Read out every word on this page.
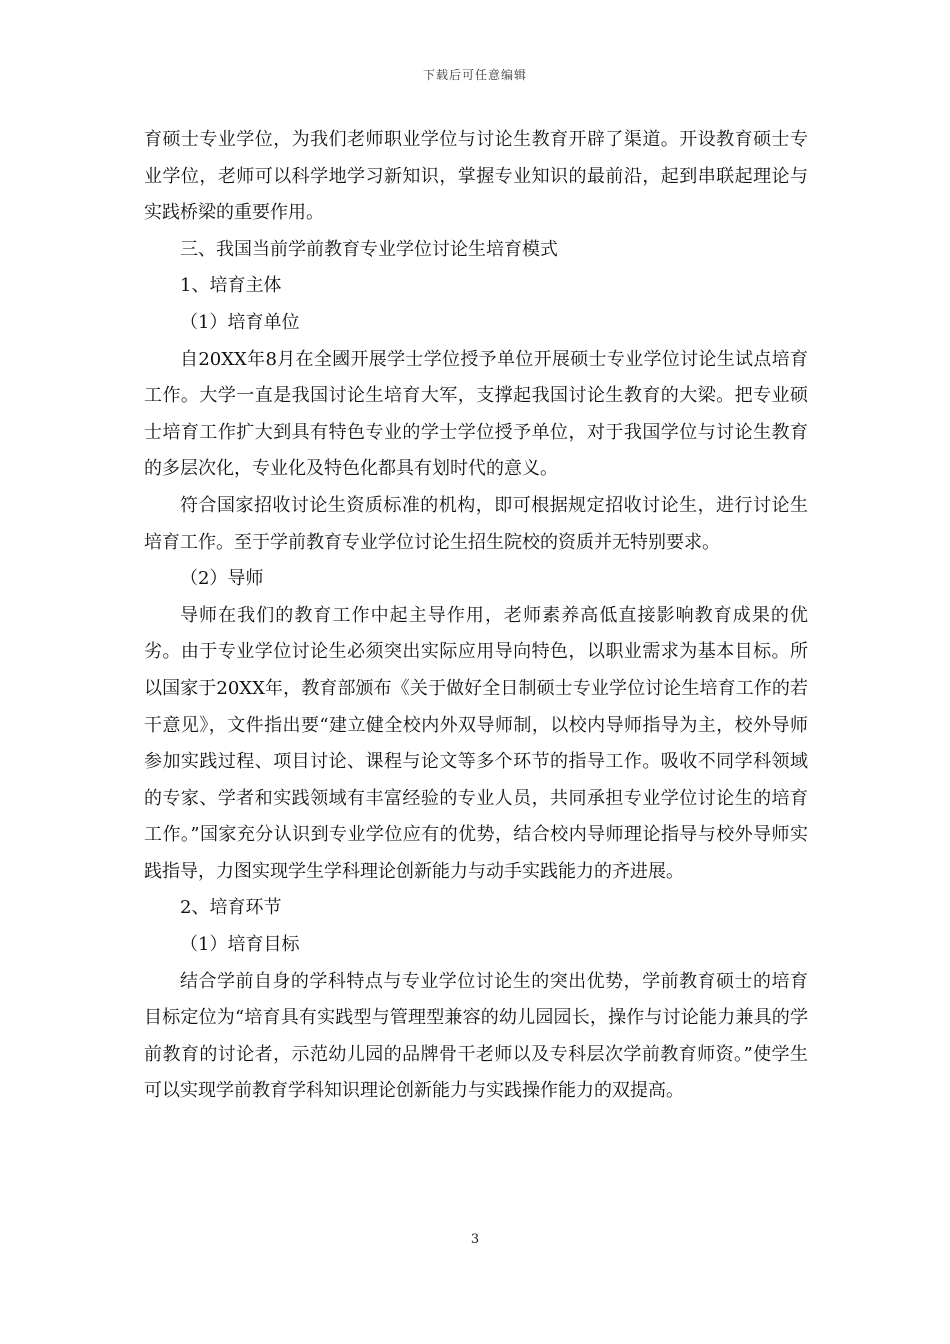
下载后可任意编辑

育硕士专业学位，为我们老师职业学位与讨论生教育开辟了渠道。开设教育硕士专业学位，老师可以科学地学习新知识，掌握专业知识的最前沿，起到串联起理论与实践桥梁的重要作用。

三、我国当前学前教育专业学位讨论生培育模式

1、培育主体

（1）培育单位

自20XX年8月在全國开展学士学位授予单位开展硕士专业学位讨论生试点培育工作。大学一直是我国讨论生培育大军，支撑起我国讨论生教育的大梁。把专业硕士培育工作扩大到具有特色专业的学士学位授予单位，对于我国学位与讨论生教育的多层次化，专业化及特色化都具有划时代的意义。

符合国家招收讨论生资质标准的机构，即可根据规定招收讨论生，进行讨论生培育工作。至于学前教育专业学位讨论生招生院校的资质并无特别要求。

（2）导师

导师在我们的教育工作中起主导作用，老师素养高低直接影响教育成果的优劣。由于专业学位讨论生必须突出实际应用导向特色，以职业需求为基本目标。所以国家于20XX年，教育部颁布《关于做好全日制硕士专业学位讨论生培育工作的若干意见》，文件指出要“建立健全校内外双导师制，以校内导师指导为主，校外导师参加实践过程、项目讨论、课程与论文等多个环节的指导工作。吸收不同学科领域的专家、学者和实践领域有丰富经验的专业人员，共同承担专业学位讨论生的培育工作。”国家充分认识到专业学位应有的优势，结合校内导师理论指导与校外导师实践指导，力图实现学生学科理论创新能力与动手实践能力的齐进展。

2、培育环节

（1）培育目标

结合学前自身的学科特点与专业学位讨论生的突出优势，学前教育硕士的培育目标定位为“培育具有实践型与管理型兼容的幼儿园园长，操作与讨论能力兼具的学前教育的讨论者，示范幼儿园的品牌骨干老师以及专科层次学前教育师资。”使学生可以实现学前教育学科知识理论创新能力与实践操作能力的双提高。

3
